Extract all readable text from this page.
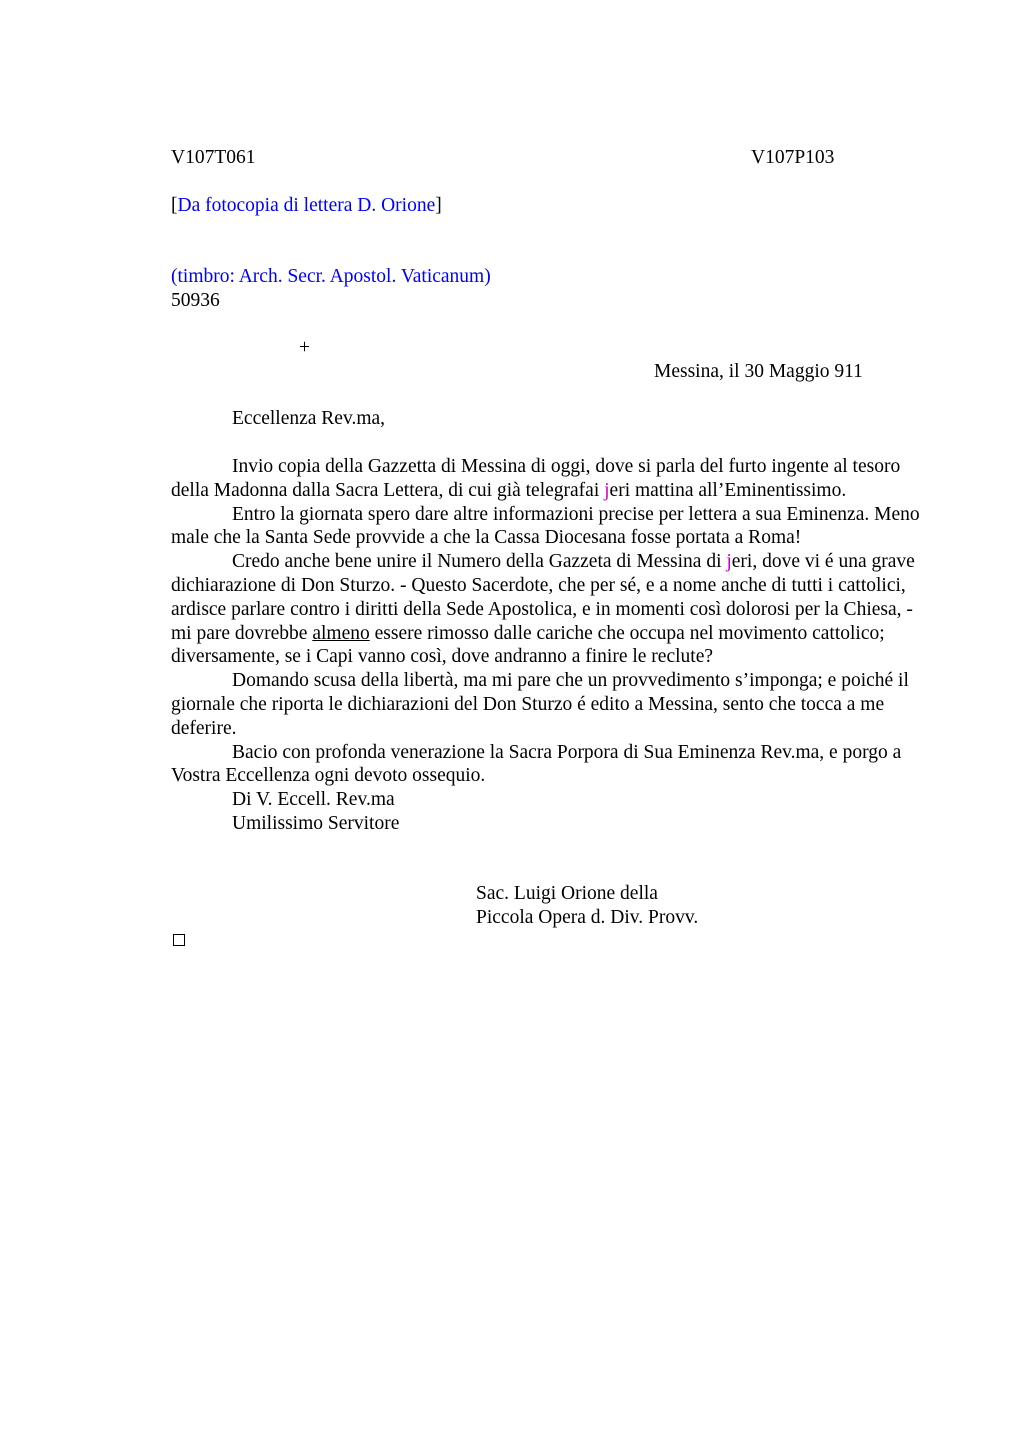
V107T061	V107P103
[Da fotocopia di lettera D. Orione]
(timbro: Arch. Secr. Apostol. Vaticanum)
50936
+
Messina, il 30 Maggio 911
Eccellenza Rev.ma,

Invio copia della Gazzetta di Messina di oggi, dove si parla del furto ingente al tesoro della Madonna dalla Sacra Lettera, di cui già telegrafai jeri mattina all’Eminentissimo.

Entro la giornata spero dare altre informazioni precise per lettera a sua Eminenza. Meno male che la Santa Sede provvide a che la Cassa Diocesana fosse portata a Roma!

Credo anche bene unire il Numero della Gazzeta di Messina di jeri, dove vi é una grave dichiarazione di Don Sturzo. - Questo Sacerdote, che per sé, e a nome anche di tutti i cattolici, ardisce parlare contro i diritti della Sede Apostolica, e in momenti così dolorosi per la Chiesa, - mi pare dovrebbe almeno essere rimosso dalle cariche che occupa nel movimento cattolico; diversamente, se i Capi vanno così, dove andranno a finire le reclute?

Domando scusa della libertà, ma mi pare che un provvedimento s’imponga; e poiché il giornale che riporta le dichiarazioni del Don Sturzo é edito a Messina, sento che tocca a me deferire.

Bacio con profonda venerazione la Sacra Porpora di Sua Eminenza Rev.ma, e porgo a Vostra Eccellenza ogni devoto ossequio.

Di V. Eccell. Rev.ma

Umilissimo Servitore

Sac. Luigi Orione della
Piccola Opera d. Div. Provv.
